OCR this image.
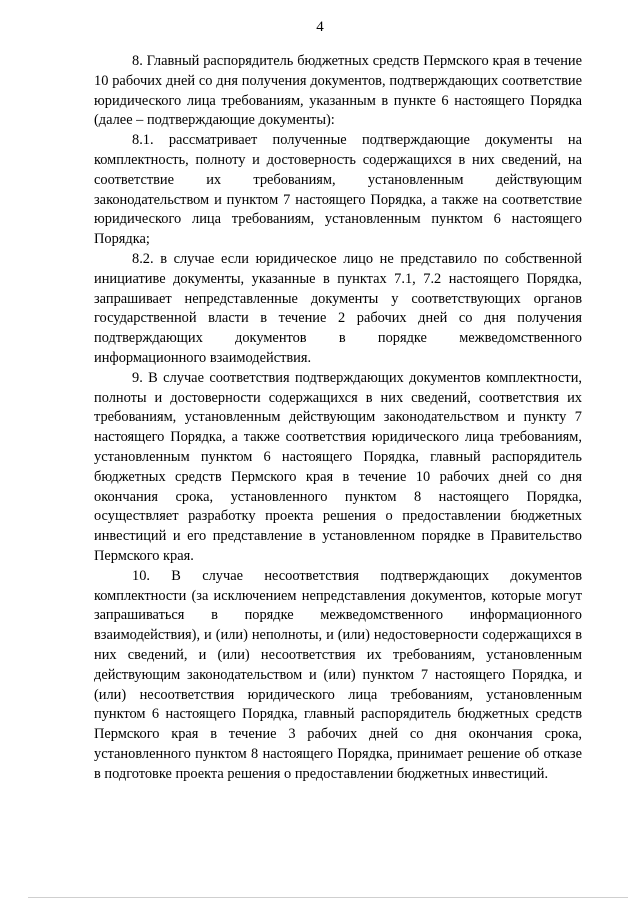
4

8. Главный распорядитель бюджетных средств Пермского края в течение 10 рабочих дней со дня получения документов, подтверждающих соответствие юридического лица требованиям, указанным в пункте 6 настоящего Порядка (далее – подтверждающие документы):

8.1. рассматривает полученные подтверждающие документы на комплектность, полноту и достоверность содержащихся в них сведений, на соответствие их требованиям, установленным действующим законодательством и пунктом 7 настоящего Порядка, а также на соответствие юридического лица требованиям, установленным пунктом 6 настоящего Порядка;

8.2. в случае если юридическое лицо не представило по собственной инициативе документы, указанные в пунктах 7.1, 7.2 настоящего Порядка, запрашивает непредставленные документы у соответствующих органов государственной власти в течение 2 рабочих дней со дня получения подтверждающих документов в порядке межведомственного информационного взаимодействия.

9. В случае соответствия подтверждающих документов комплектности, полноты и достоверности содержащихся в них сведений, соответствия их требованиям, установленным действующим законодательством и пункту 7 настоящего Порядка, а также соответствия юридического лица требованиям, установленным пунктом 6 настоящего Порядка, главный распорядитель бюджетных средств Пермского края в течение 10 рабочих дней со дня окончания срока, установленного пунктом 8 настоящего Порядка, осуществляет разработку проекта решения о предоставлении бюджетных инвестиций и его представление в установленном порядке в Правительство Пермского края.

10. В случае несоответствия подтверждающих документов комплектности (за исключением непредставления документов, которые могут запрашиваться в порядке межведомственного информационного взаимодействия), и (или) неполноты, и (или) недостоверности содержащихся в них сведений, и (или) несоответствия их требованиям, установленным действующим законодательством и (или) пунктом 7 настоящего Порядка, и (или) несоответствия юридического лица требованиям, установленным пунктом 6 настоящего Порядка, главный распорядитель бюджетных средств Пермского края в течение 3 рабочих дней со дня окончания срока, установленного пунктом 8 настоящего Порядка, принимает решение об отказе в подготовке проекта решения о предоставлении бюджетных инвестиций.
